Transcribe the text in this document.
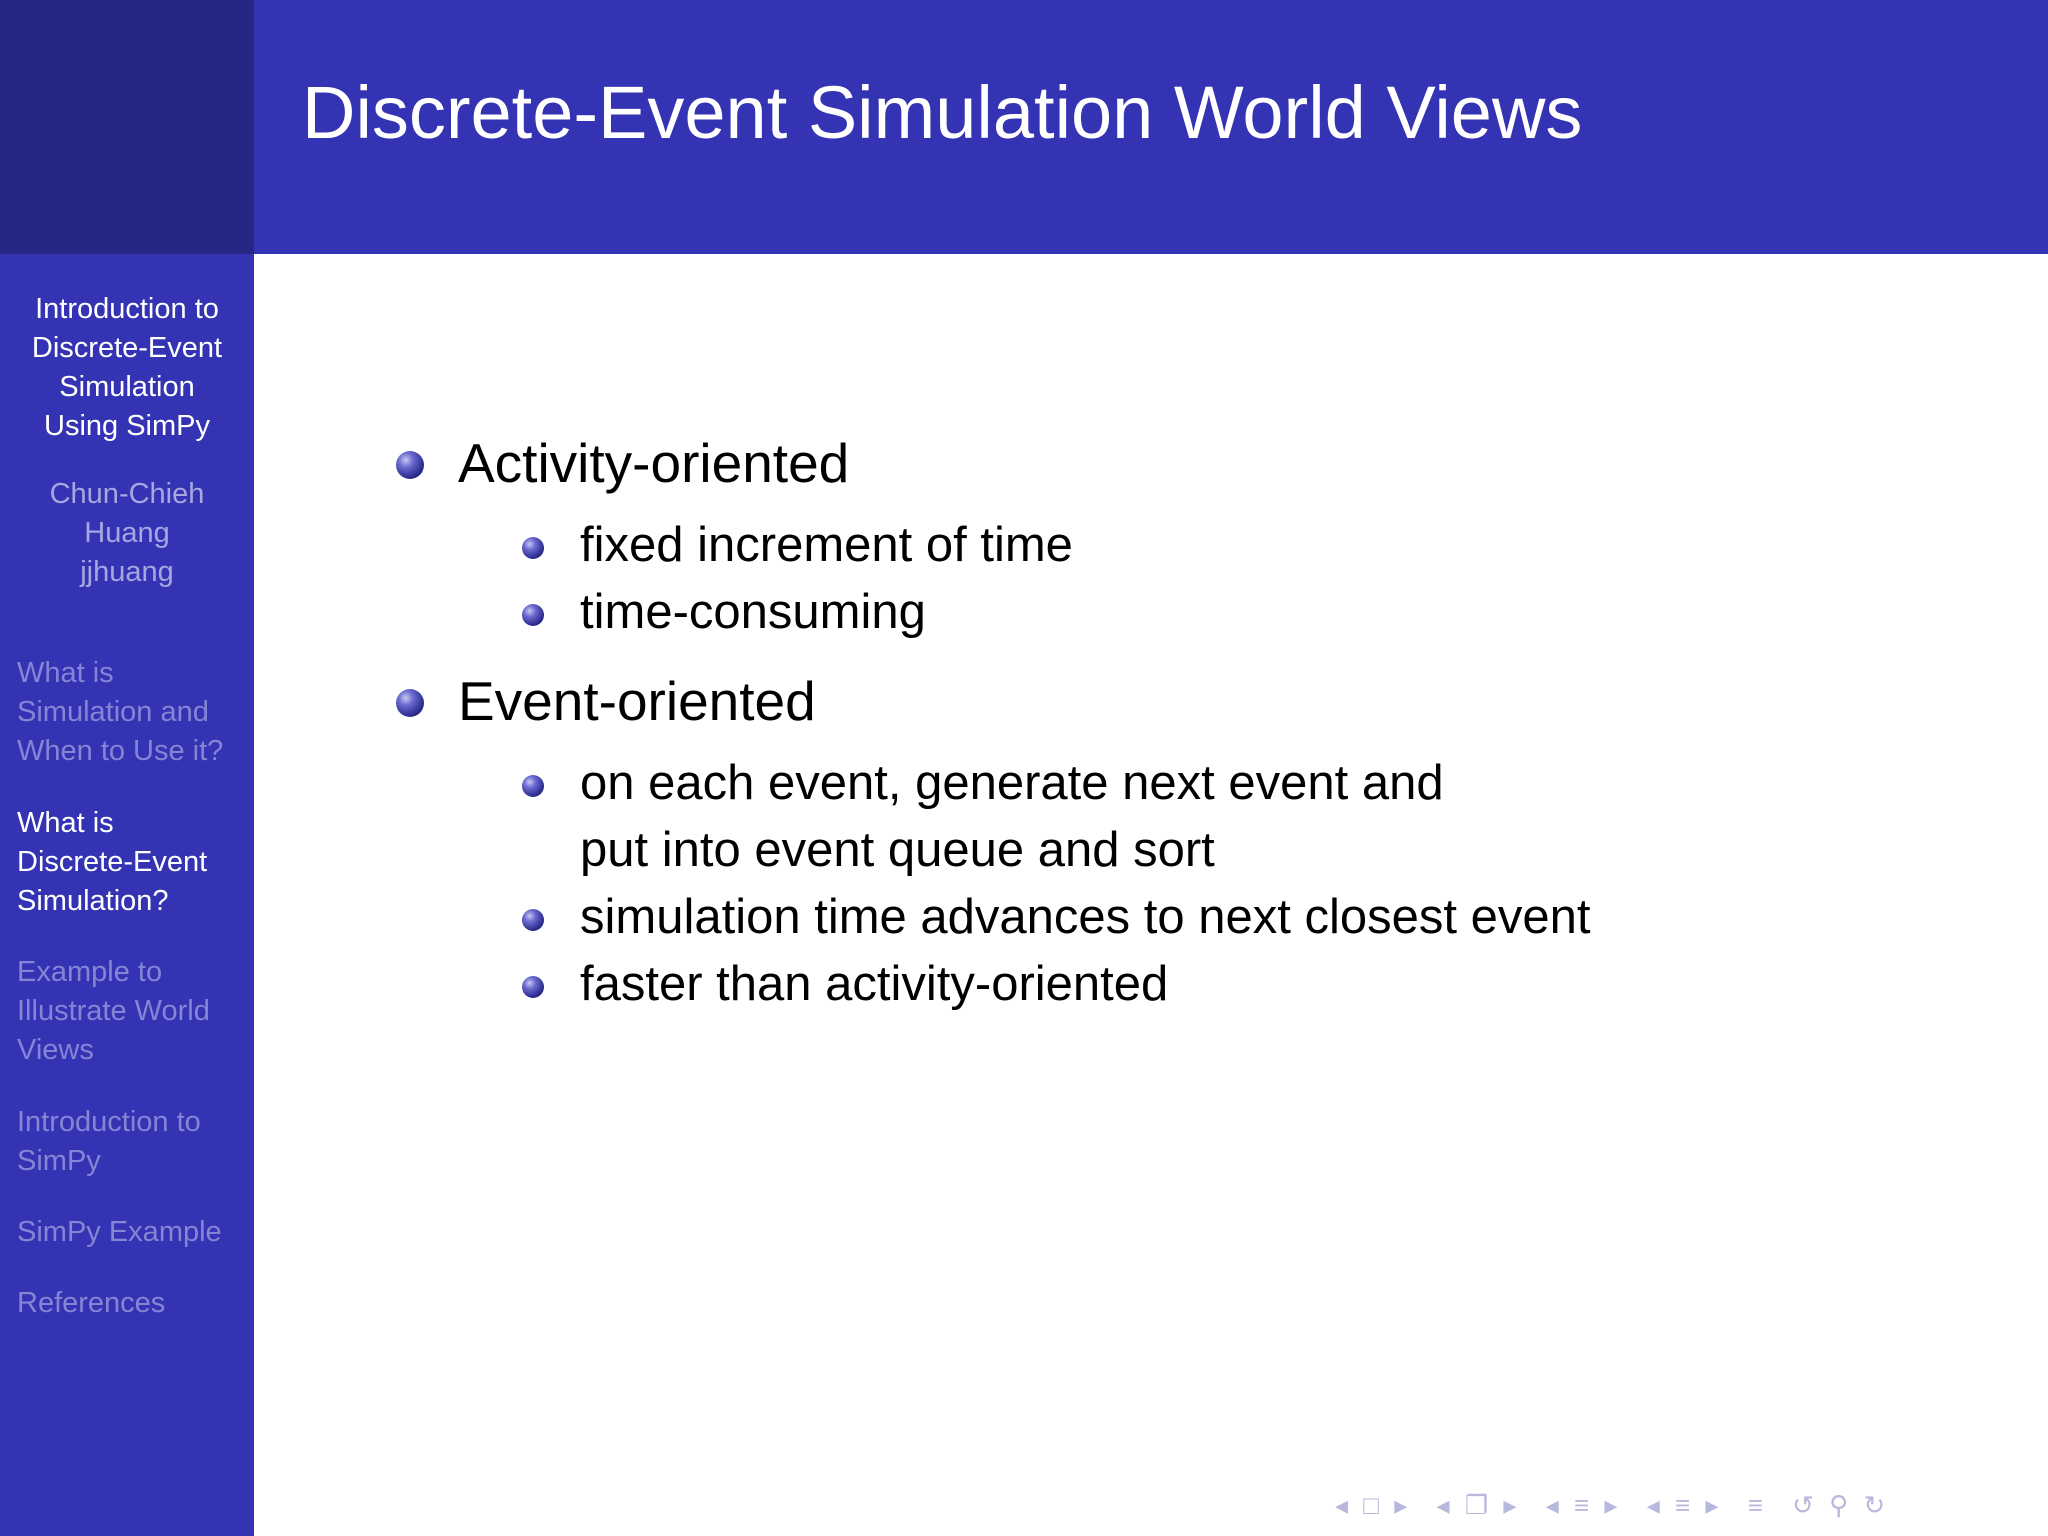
Introduction to
Discrete-Event
Simulation
Using SimPy
Chun-Chieh
Huang
jjhuang
What is
Simulation and
When to Use it?
What is
Discrete-Event
Simulation?
Example to
Illustrate World
Views
Introduction to
SimPy
SimPy Example
References
Discrete-Event Simulation World Views
Activity-oriented
fixed increment of time
time-consuming
Event-oriented
on each event, generate next event and
put into event queue and sort
simulation time advances to next closest event
faster than activity-oriented
◂ □ ▸ ◂ ❐ ▸ ◂ ≡ ▸ ◂ ≡ ▸ ≡ ↺ ⚲ ↻
